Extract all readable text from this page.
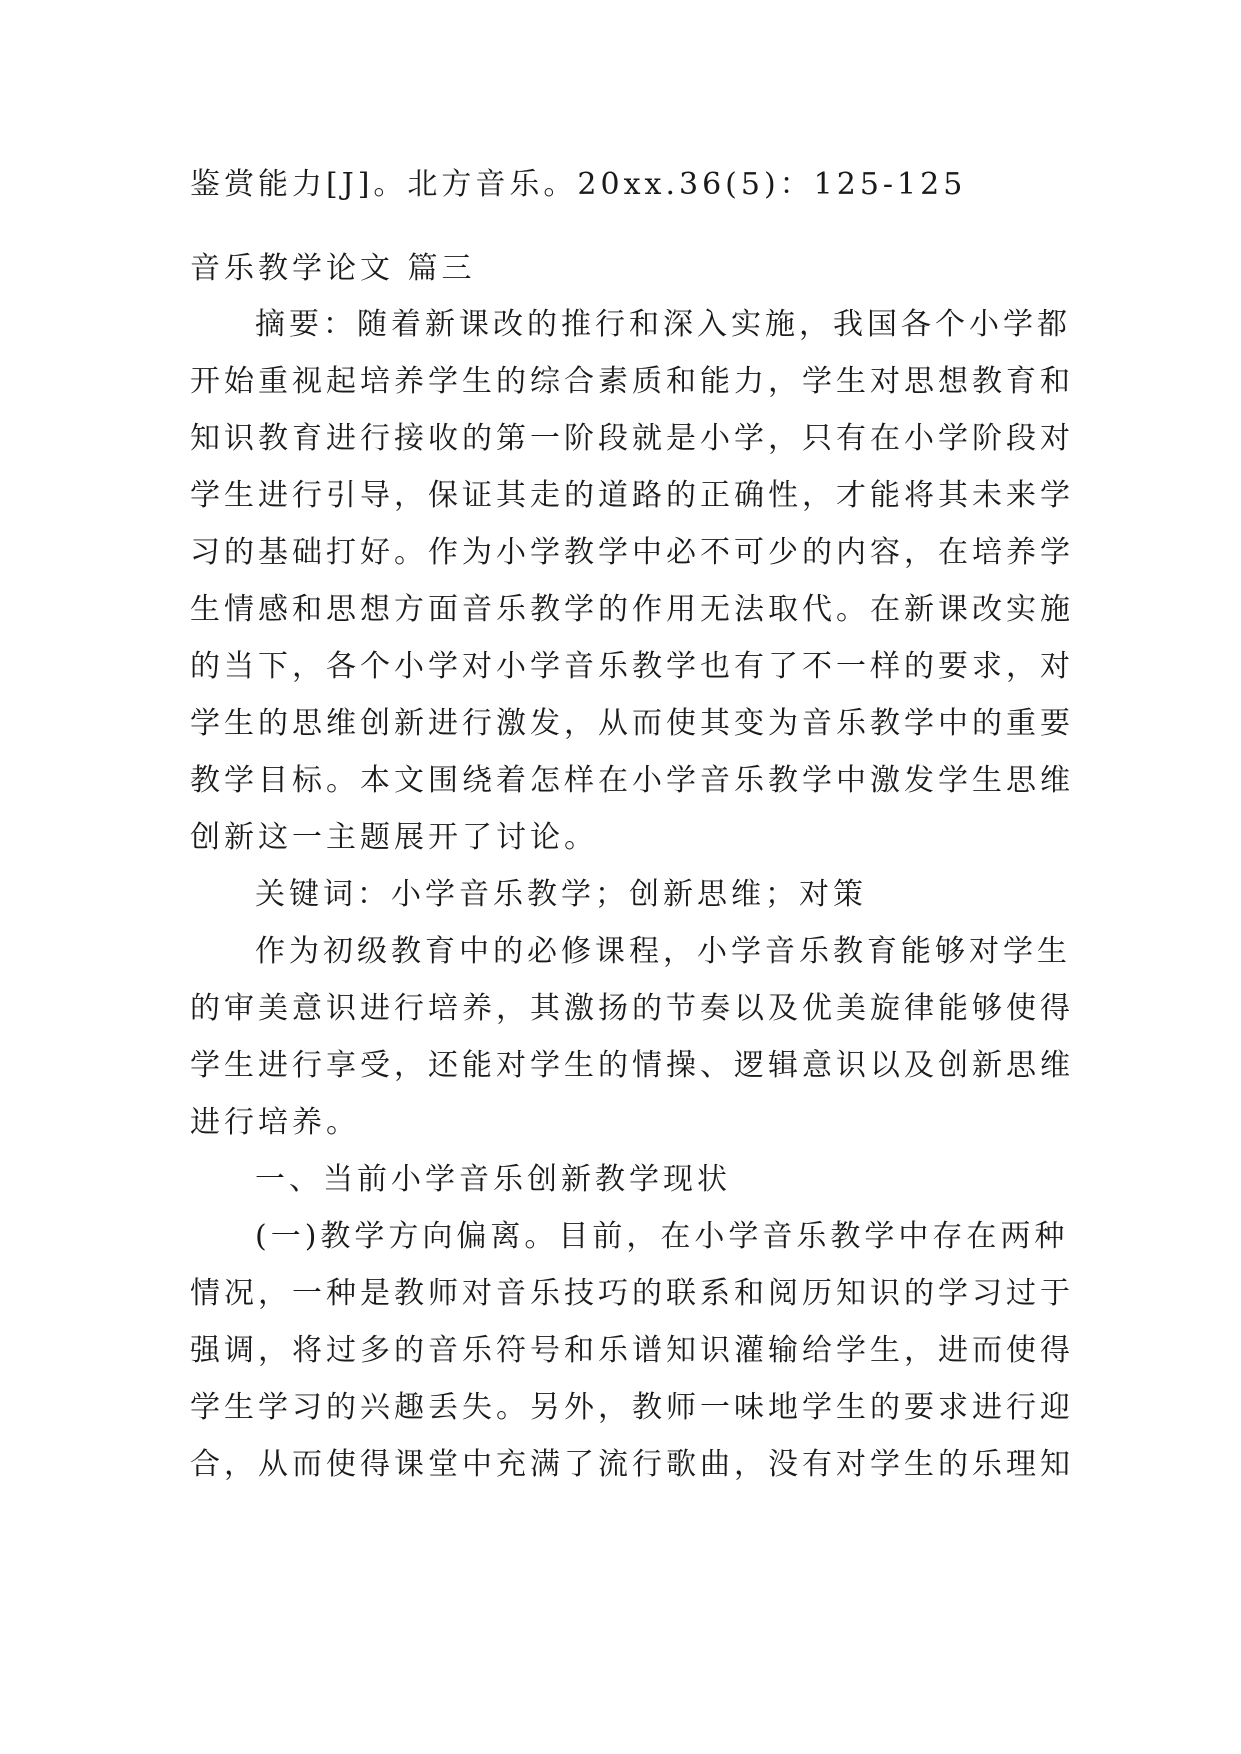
鉴赏能力[J]。北方音乐。20xx.36(5)：125-125
音乐教学论文 篇三
摘要：随着新课改的推行和深入实施，我国各个小学都
开始重视起培养学生的综合素质和能力，学生对思想教育和
知识教育进行接收的第一阶段就是小学，只有在小学阶段对
学生进行引导，保证其走的道路的正确性，才能将其未来学
习的基础打好。作为小学教学中必不可少的内容，在培养学
生情感和思想方面音乐教学的作用无法取代。在新课改实施
的当下，各个小学对小学音乐教学也有了不一样的要求，对
学生的思维创新进行激发，从而使其变为音乐教学中的重要
教学目标。本文围绕着怎样在小学音乐教学中激发学生思维
创新这一主题展开了讨论。
关键词：小学音乐教学；创新思维；对策
作为初级教育中的必修课程，小学音乐教育能够对学生
的审美意识进行培养，其激扬的节奏以及优美旋律能够使得
学生进行享受，还能对学生的情操、逻辑意识以及创新思维
进行培养。
一、当前小学音乐创新教学现状
(一)教学方向偏离。目前，在小学音乐教学中存在两种
情况，一种是教师对音乐技巧的联系和阅历知识的学习过于
强调，将过多的音乐符号和乐谱知识灌输给学生，进而使得
学生学习的兴趣丢失。另外，教师一味地学生的要求进行迎
合，从而使得课堂中充满了流行歌曲，没有对学生的乐理知
